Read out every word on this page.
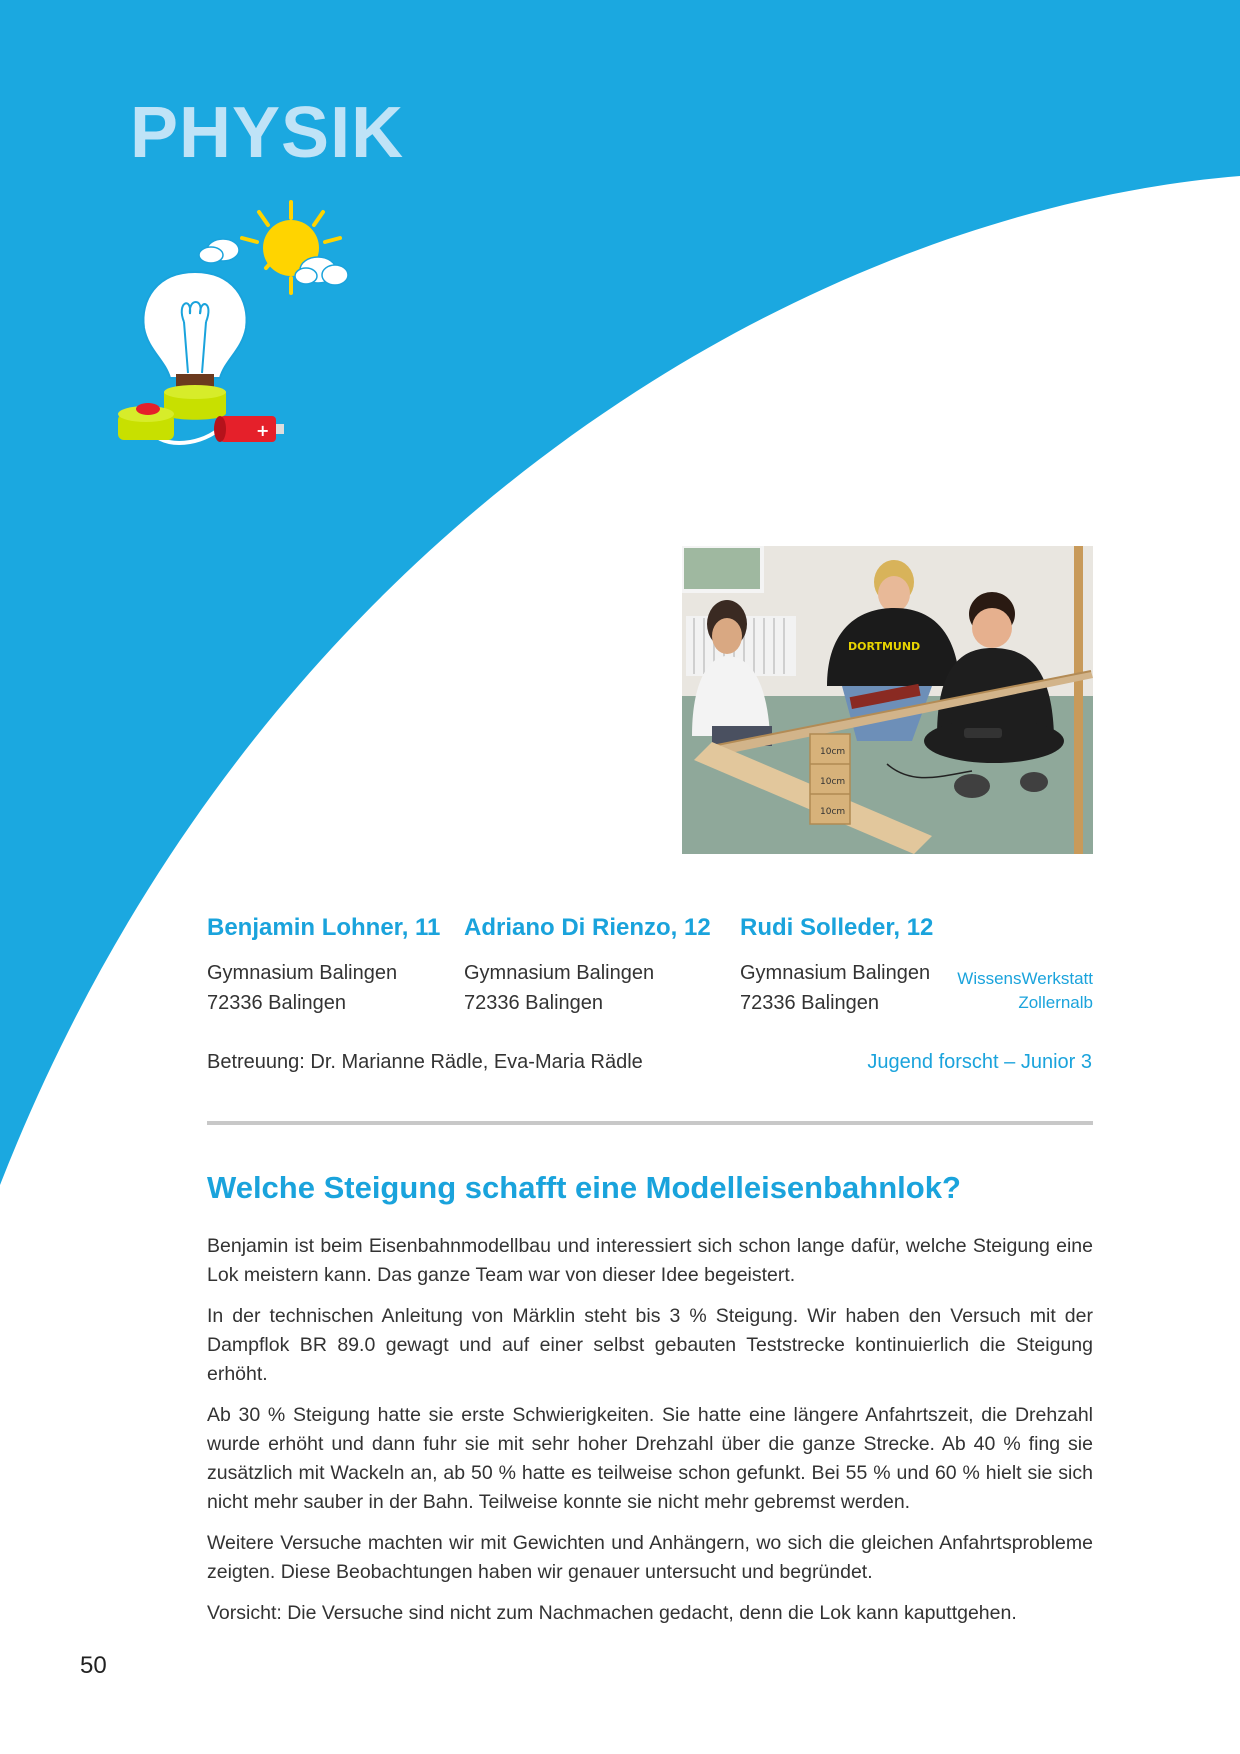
PHYSIK
+
DORTMUND
10cm
10cm
10cm
Benjamin Lohner, 11
Gymnasium Balingen
72336 Balingen
Adriano Di Rienzo, 12
Gymnasium Balingen
72336 Balingen
Rudi Solleder, 12
Gymnasium Balingen
72336 Balingen
WissensWerkstatt
Zollernalb
Betreuung: Dr. Marianne Rädle, Eva-Maria Rädle	Jugend forscht – Junior 3
Welche Steigung schafft eine Modelleisenbahnlok?

Benjamin ist beim Eisenbahnmodellbau und interessiert sich schon lange dafür, welche Steigung eine Lok meistern kann. Das ganze Team war von dieser Idee begeistert.

In der technischen Anleitung von Märklin steht bis 3 % Steigung. Wir haben den Versuch mit der Dampflok BR 89.0 gewagt und auf einer selbst gebauten Teststrecke kontinuierlich die Steigung erhöht.

Ab 30 % Steigung hatte sie erste Schwierigkeiten. Sie hatte eine längere Anfahrtszeit, die Drehzahl wurde erhöht und dann fuhr sie mit sehr hoher Drehzahl über die ganze Strecke. Ab 40 % fing sie zusätzlich mit Wackeln an, ab 50 % hatte es teilweise schon gefunkt. Bei 55 % und 60 % hielt sie sich nicht mehr sauber in der Bahn. Teilweise konnte sie nicht mehr gebremst werden.

Weitere Versuche machten wir mit Gewichten und Anhängern, wo sich die gleichen Anfahrtsprobleme zeigten. Diese Beobachtungen haben wir genauer untersucht und begründet.

Vorsicht: Die Versuche sind nicht zum Nachmachen gedacht, denn die Lok kann kaputtgehen.

50
